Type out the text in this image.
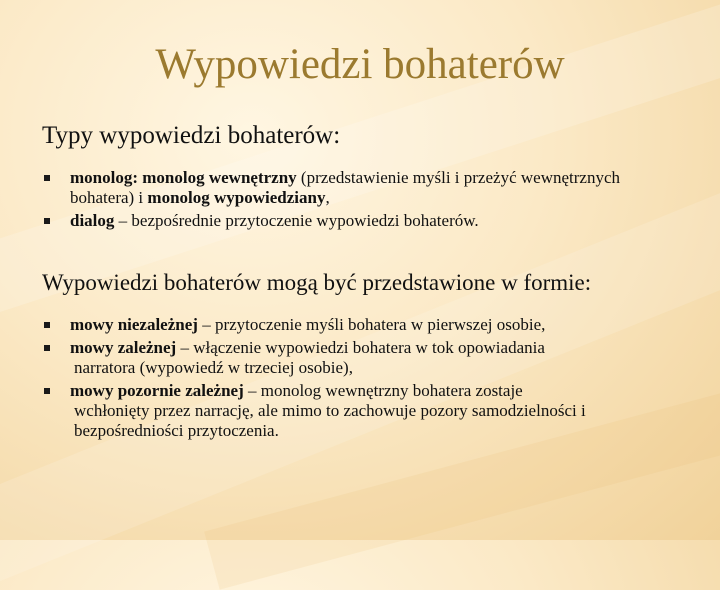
Wypowiedzi bohaterów
Typy wypowiedzi bohaterów:
monolog: monolog wewnętrzny (przedstawienie myśli i przeżyć wewnętrznych bohatera) i monolog wypowiedziany,
dialog – bezpośrednie przytoczenie wypowiedzi bohaterów.
Wypowiedzi bohaterów mogą być przedstawione w formie:
mowy niezależnej – przytoczenie myśli bohatera w pierwszej osobie,
mowy zależnej – włączenie wypowiedzi bohatera w tok opowiadania
narratora (wypowiedź w trzeciej osobie),
mowy pozornie zależnej – monolog wewnętrzny bohatera zostaje
wchłonięty przez narrację, ale mimo to zachowuje pozory samodzielności i bezpośredniości przytoczenia.
